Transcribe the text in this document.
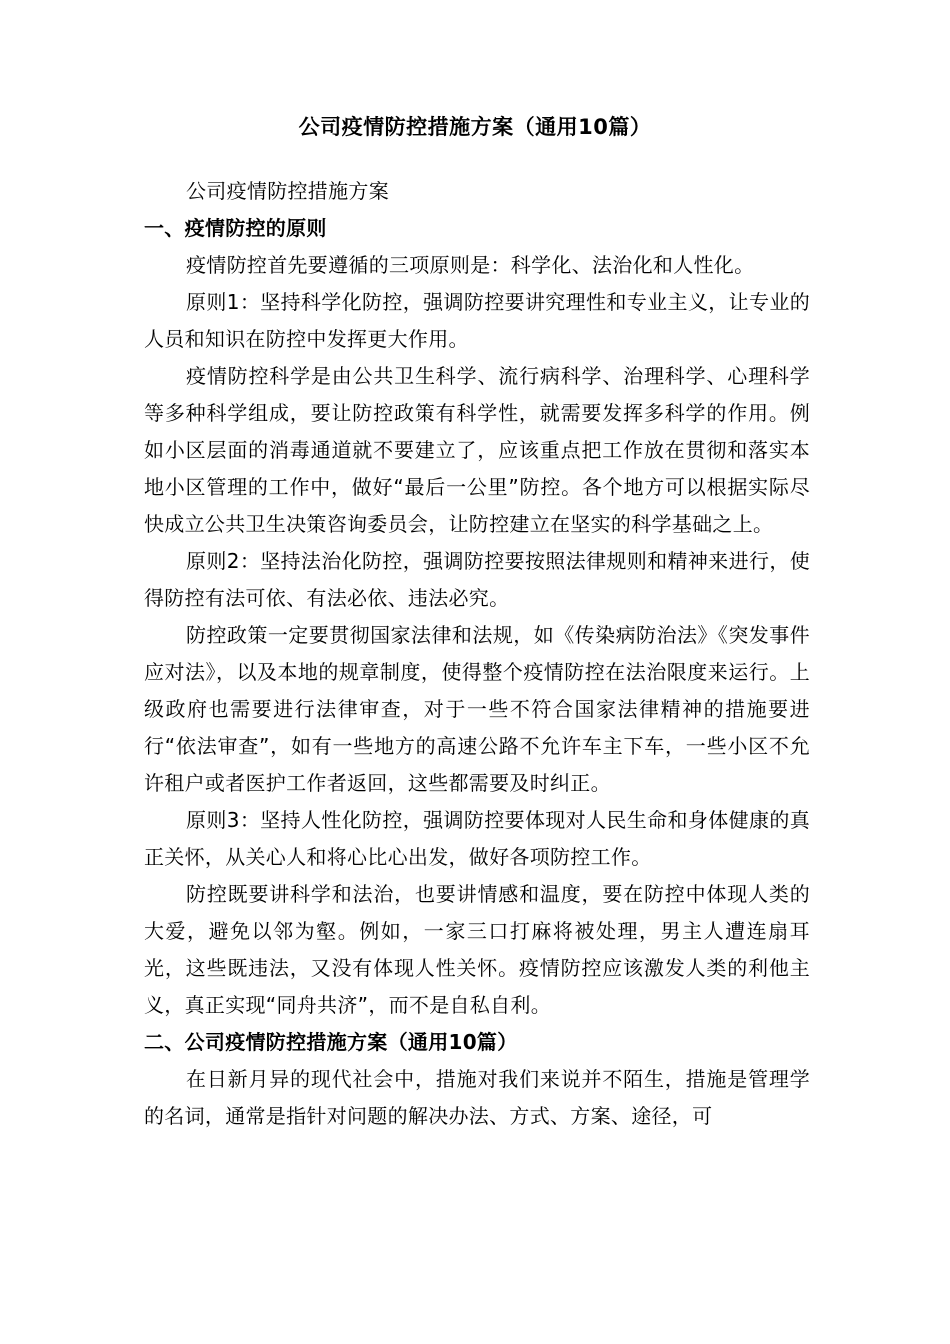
公司疫情防控措施方案（通用10篇）

公司疫情防控措施方案

一、疫情防控的原则

疫情防控首先要遵循的三项原则是：科学化、法治化和人性化。

原则1：坚持科学化防控，强调防控要讲究理性和专业主义，让专业的人员和知识在防控中发挥更大作用。

疫情防控科学是由公共卫生科学、流行病科学、治理科学、心理科学等多种科学组成，要让防控政策有科学性，就需要发挥多科学的作用。例如小区层面的消毒通道就不要建立了，应该重点把工作放在贯彻和落实本地小区管理的工作中，做好“最后一公里”防控。各个地方可以根据实际尽快成立公共卫生决策咨询委员会，让防控建立在坚实的科学基础之上。

原则2：坚持法治化防控，强调防控要按照法律规则和精神来进行，使得防控有法可依、有法必依、违法必究。

防控政策一定要贯彻国家法律和法规，如《传染病防治法》《突发事件应对法》，以及本地的规章制度，使得整个疫情防控在法治限度来运行。上级政府也需要进行法律审查，对于一些不符合国家法律精神的措施要进行“依法审查”，如有一些地方的高速公路不允许车主下车，一些小区不允许租户或者医护工作者返回，这些都需要及时纠正。

原则3：坚持人性化防控，强调防控要体现对人民生命和身体健康的真正关怀，从关心人和将心比心出发，做好各项防控工作。

防控既要讲科学和法治，也要讲情感和温度，要在防控中体现人类的大爱，避免以邻为壑。例如，一家三口打麻将被处理，男主人遭连扇耳光，这些既违法，又没有体现人性关怀。疫情防控应该激发人类的利他主义，真正实现“同舟共济”，而不是自私自利。

二、公司疫情防控措施方案（通用10篇）

在日新月异的现代社会中，措施对我们来说并不陌生，措施是管理学的名词，通常是指针对问题的解决办法、方式、方案、途径，可
